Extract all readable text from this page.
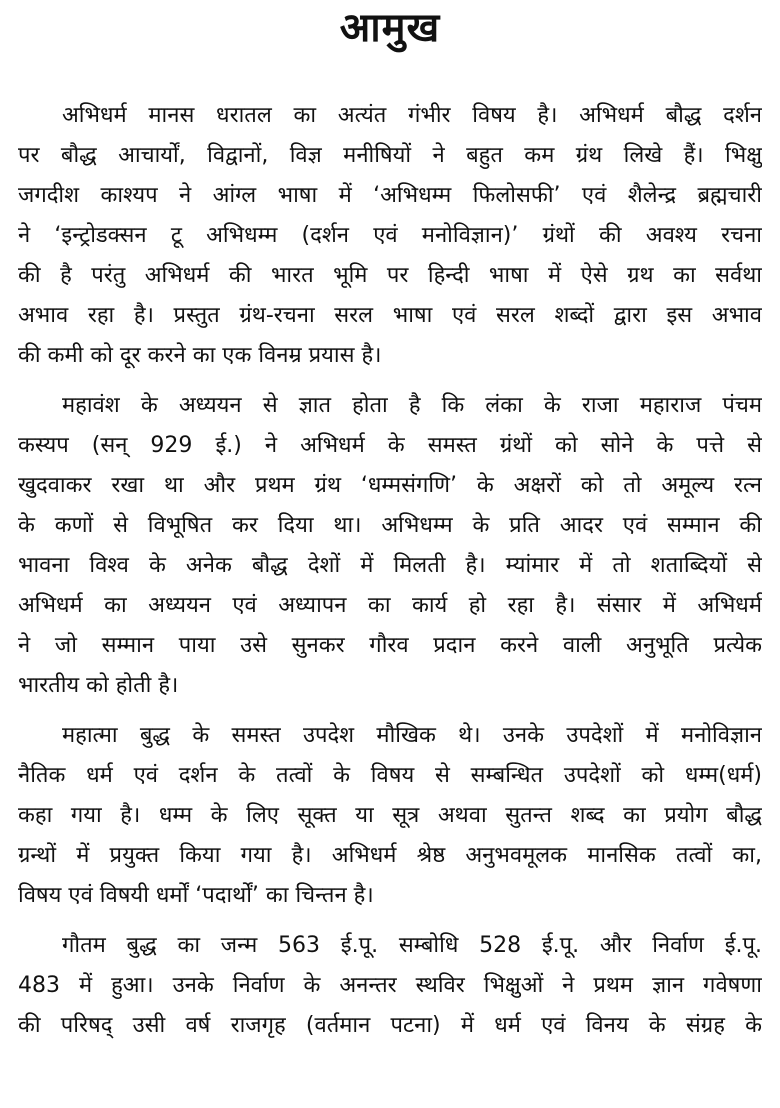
आमुख
अभिधर्म मानस धरातल का अत्यंत गंभीर विषय है। अभिधर्म बौद्ध दर्शन
पर बौद्ध आचार्यों, विद्वानों, विज्ञ मनीषियों ने बहुत कम ग्रंथ लिखे हैं। भिक्षु
जगदीश काश्यप ने आंग्ल भाषा में ‘अभिधम्म फिलोसफी’ एवं शैलेन्द्र ब्रह्मचारी
ने ‘इन्ट्रोडक्सन टू अभिधम्म (दर्शन एवं मनोविज्ञान)’ ग्रंथों की अवश्य रचना
की है परंतु अभिधर्म की भारत भूमि पर हिन्दी भाषा में ऐसे ग्रथ का सर्वथा
अभाव रहा है। प्रस्तुत ग्रंथ-रचना सरल भाषा एवं सरल शब्दों द्वारा इस अभाव
की कमी को दूर करने का एक विनम्र प्रयास है।
महावंश के अध्ययन से ज्ञात होता है कि लंका के राजा महाराज पंचम
कस्यप (सन् 929 ई.) ने अभिधर्म के समस्त ग्रंथों को सोने के पत्ते से
खुदवाकर रखा था और प्रथम ग्रंथ ‘धम्मसंगणि’ के अक्षरों को तो अमूल्य रत्न
के कणों से विभूषित कर दिया था। अभिधम्म के प्रति आदर एवं सम्मान की
भावना विश्व के अनेक बौद्ध देशों में मिलती है। म्यांमार में तो शताब्दियों से
अभिधर्म का अध्ययन एवं अध्यापन का कार्य हो रहा है। संसार में अभिधर्म
ने जो सम्मान पाया उसे सुनकर गौरव प्रदान करने वाली अनुभूति प्रत्येक
भारतीय को होती है।
महात्मा बुद्ध के समस्त उपदेश मौखिक थे। उनके उपदेशों में मनोविज्ञान
नैतिक धर्म एवं दर्शन के तत्वों के विषय से सम्बन्धित उपदेशों को धम्म(धर्म)
कहा गया है। धम्म के लिए सूक्त या सूत्र अथवा सुतन्त शब्द का प्रयोग बौद्ध
ग्रन्थों में प्रयुक्त किया गया है। अभिधर्म श्रेष्ठ अनुभवमूलक मानसिक तत्वों का,
विषय एवं विषयी धर्मों ‘पदार्थों’ का चिन्तन है।
गौतम बुद्ध का जन्म 563 ई.पू. सम्बोधि 528 ई.पू. और निर्वाण ई.पू.
483 में हुआ। उनके निर्वाण के अनन्तर स्थविर भिक्षुओं ने प्रथम ज्ञान गवेषणा
की परिषद् उसी वर्ष राजगृह (वर्तमान पटना) में धर्म एवं विनय के संग्रह के
